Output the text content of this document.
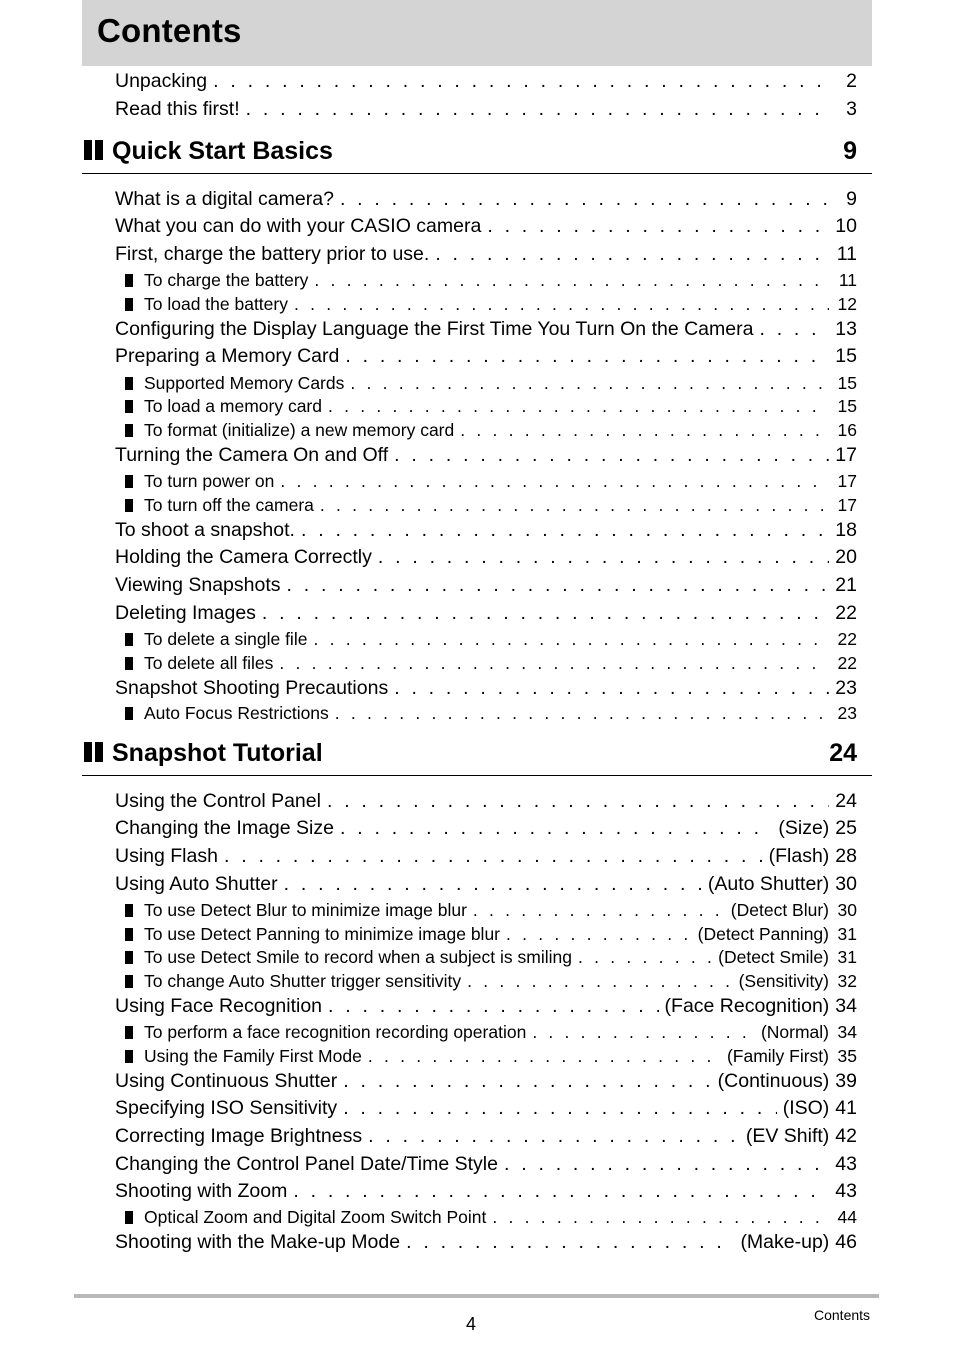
Contents
Unpacking . . .	2
Read this first! . . .	3
Quick Start Basics	9
What is a digital camera? . . .	9
What you can do with your CASIO camera . . .	10
First, charge the battery prior to use. . . .	11
To charge the battery . . .	11
To load the battery . . .	12
Configuring the Display Language the First Time You Turn On the Camera . . .	13
Preparing a Memory Card . . .	15
Supported Memory Cards . . .	15
To load a memory card . . .	15
To format (initialize) a new memory card . . .	16
Turning the Camera On and Off . . .	17
To turn power on . . .	17
To turn off the camera . . .	17
To shoot a snapshot. . . .	18
Holding the Camera Correctly . . .	20
Viewing Snapshots . . .	21
Deleting Images . . .	22
To delete a single file . . .	22
To delete all files . . .	22
Snapshot Shooting Precautions . . .	23
Auto Focus Restrictions . . .	23
Snapshot Tutorial	24
Using the Control Panel . . .	24
Changing the Image Size . . .	(Size) 25
Using Flash . . .	(Flash) 28
Using Auto Shutter . . .	(Auto Shutter) 30
To use Detect Blur to minimize image blur . . .	(Detect Blur) 30
To use Detect Panning to minimize image blur . . .	(Detect Panning) 31
To use Detect Smile to record when a subject is smiling . . .	(Detect Smile) 31
To change Auto Shutter trigger sensitivity . . .	(Sensitivity) 32
Using Face Recognition . . .	(Face Recognition) 34
To perform a face recognition recording operation . . .	(Normal) 34
Using the Family First Mode . . .	(Family First) 35
Using Continuous Shutter . . .	(Continuous) 39
Specifying ISO Sensitivity . . .	(ISO) 41
Correcting Image Brightness . . .	(EV Shift) 42
Changing the Control Panel Date/Time Style . . .	43
Shooting with Zoom . . .	43
Optical Zoom and Digital Zoom Switch Point . . .	44
Shooting with the Make-up Mode . . .	(Make-up) 46
4	Contents
